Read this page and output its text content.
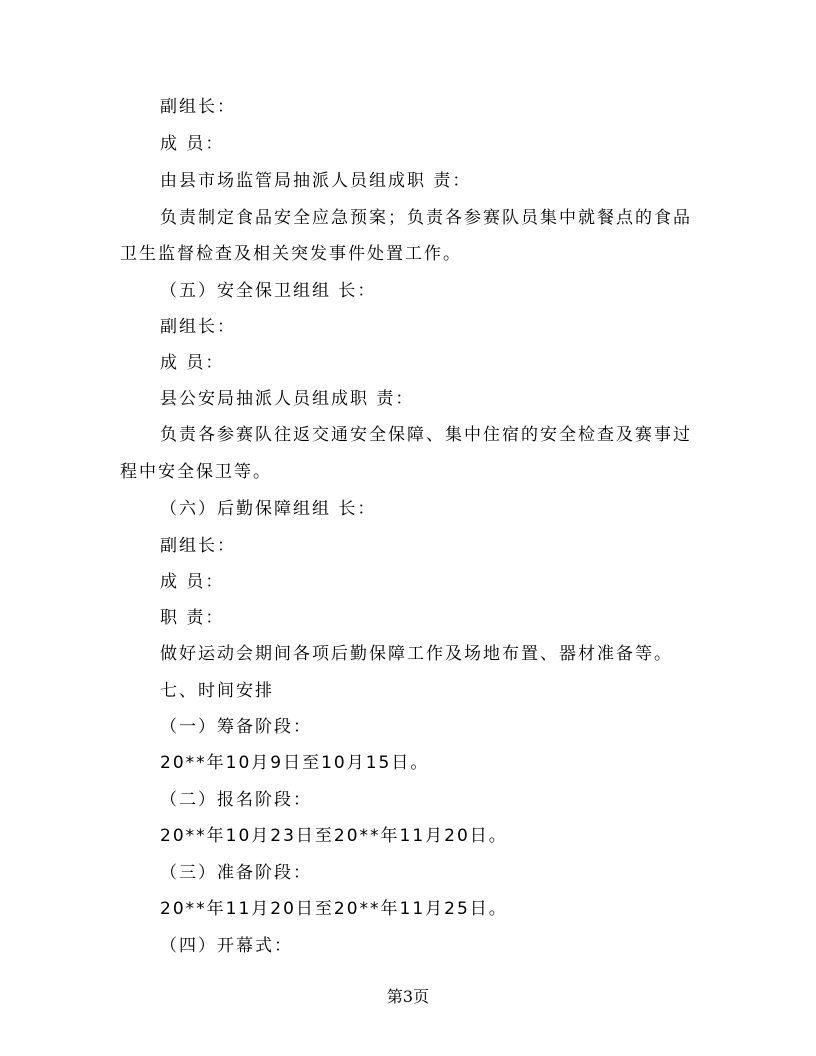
副组长：
成 员：
由县市场监管局抽派人员组成职 责：
负责制定食品安全应急预案；负责各参赛队员集中就餐点的食品
卫生监督检查及相关突发事件处置工作。
（五）安全保卫组组 长：
副组长：
成 员：
县公安局抽派人员组成职 责：
负责各参赛队往返交通安全保障、集中住宿的安全检查及赛事过
程中安全保卫等。
（六）后勤保障组组 长：
副组长：
成 员：
职 责：
做好运动会期间各项后勤保障工作及场地布置、器材准备等。
七、时间安排
（一）筹备阶段：
20**年10月9日至10月15日。
（二）报名阶段：
20**年10月23日至20**年11月20日。
（三）准备阶段：
20**年11月20日至20**年11月25日。
（四）开幕式：
第3页
